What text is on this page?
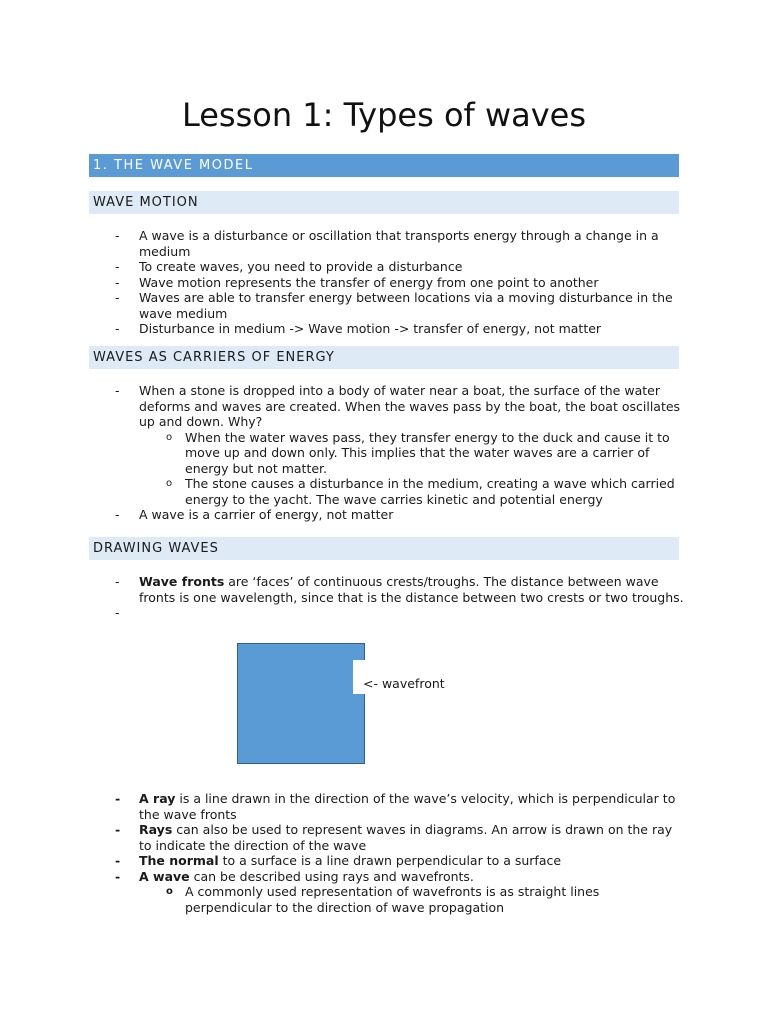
Lesson 1: Types of waves
1. THE WAVE MODEL
WAVE MOTION
- A wave is a disturbance or oscillation that transports energy through a change in a medium
- To create waves, you need to provide a disturbance
- Wave motion represents the transfer of energy from one point to another
- Waves are able to transfer energy between locations via a moving disturbance in the wave medium
- Disturbance in medium -> Wave motion -> transfer of energy, not matter
WAVES AS CARRIERS OF ENERGY
- When a stone is dropped into a body of water near a boat, the surface of the water deforms and waves are created. When the waves pass by the boat, the boat oscillates up and down. Why?
o When the water waves pass, they transfer energy to the duck and cause it to move up and down only. This implies that the water waves are a carrier of energy but not matter.
o The stone causes a disturbance in the medium, creating a wave which carried energy to the yacht. The wave carries kinetic and potential energy
- A wave is a carrier of energy, not matter
DRAWING WAVES
- Wave fronts are ‘faces’ of continuous crests/troughs. The distance between wave fronts is one wavelength, since that is the distance between two crests or two troughs.
-

<- wavefront
- A ray is a line drawn in the direction of the wave’s velocity, which is perpendicular to the wave fronts
- Rays can also be used to represent waves in diagrams. An arrow is drawn on the ray to indicate the direction of the wave
- The normal to a surface is a line drawn perpendicular to a surface
- A wave can be described using rays and wavefronts.
o A commonly used representation of wavefronts is as straight lines perpendicular to the direction of wave propagation
